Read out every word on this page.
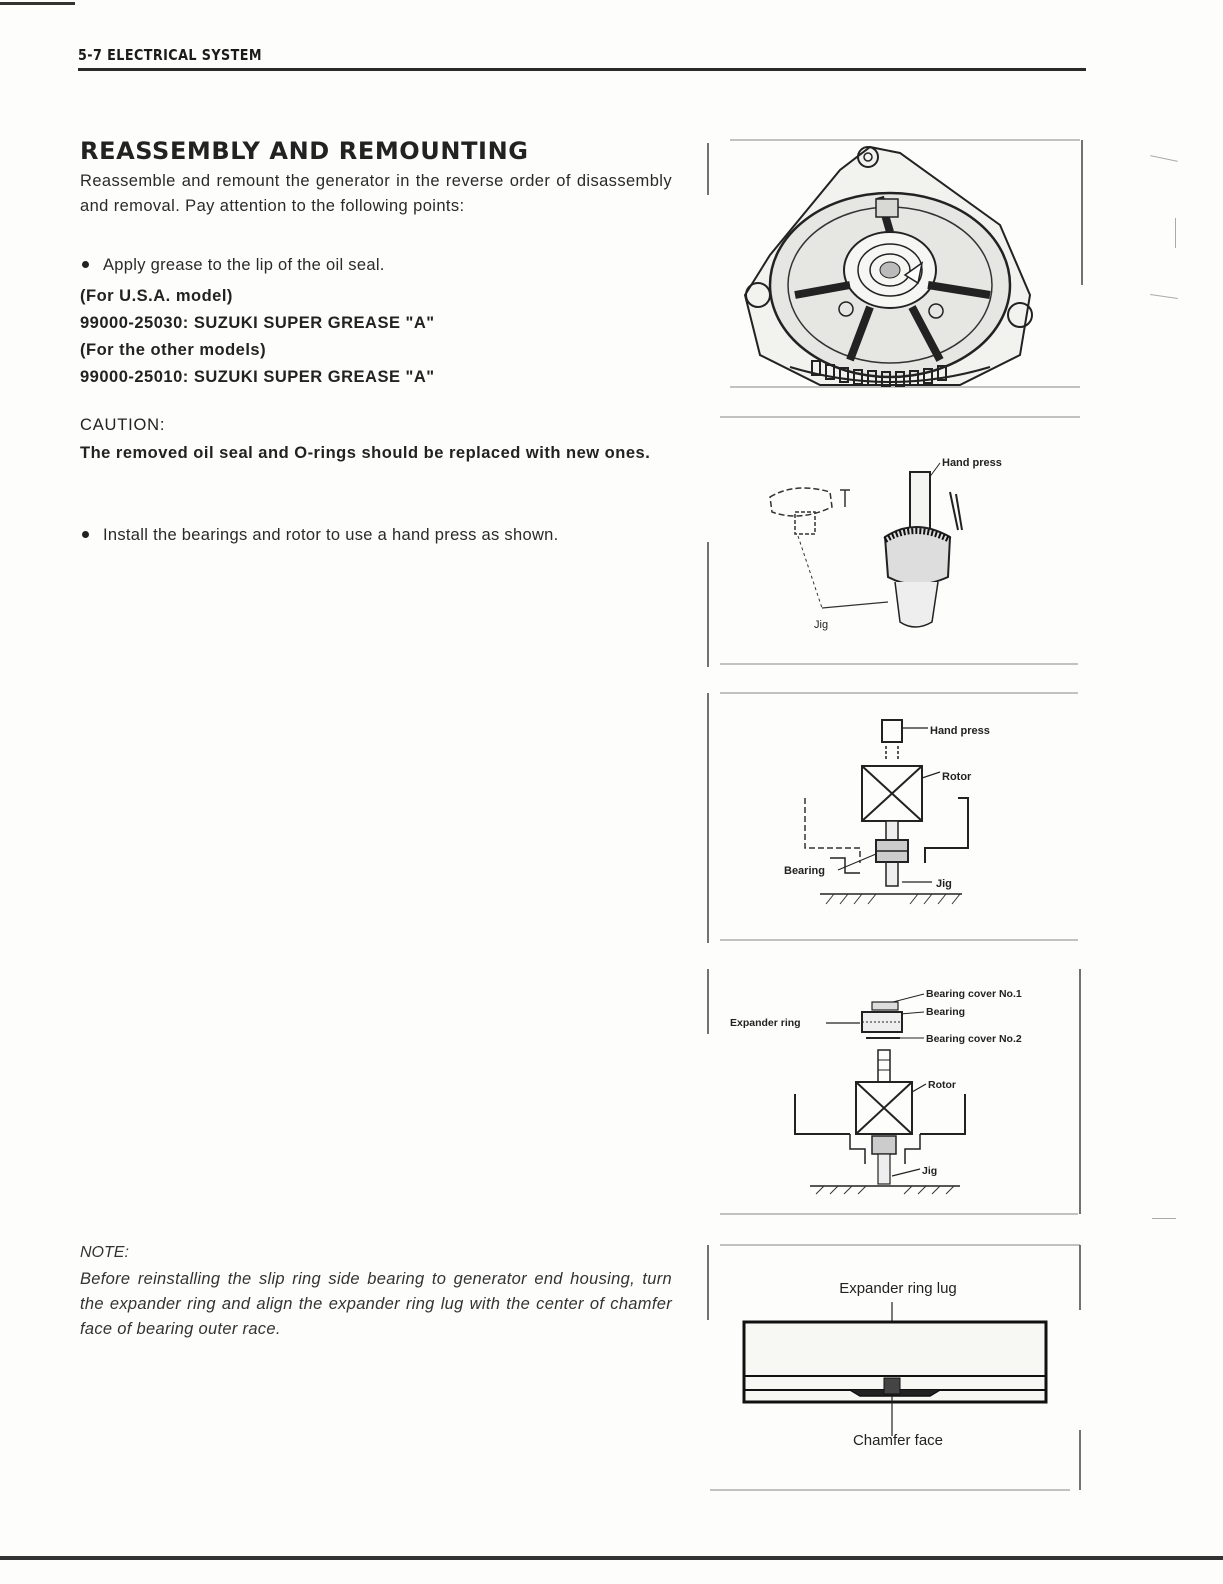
5-7 ELECTRICAL SYSTEM
REASSEMBLY AND REMOUNTING
Reassemble and remount the generator in the reverse order of disassembly and removal. Pay attention to the following points:
Apply grease to the lip of the oil seal.
(For U.S.A. model)
99000-25030: SUZUKI SUPER GREASE "A"
(For the other models)
99000-25010: SUZUKI SUPER GREASE "A"
CAUTION:
The removed oil seal and O-rings should be replaced with new ones.
Install the bearings and rotor to use a hand press as shown.
NOTE:
Before reinstalling the slip ring side bearing to generator end housing, turn the expander ring and align the expander ring lug with the center of chamfer face of bearing outer race.
Hand press
Jig
Hand press
Rotor
Bearing
Jig
Bearing cover No.1
Bearing
Expander ring
Bearing cover No.2
Rotor
Jig
Expander ring lug
Chamfer face
